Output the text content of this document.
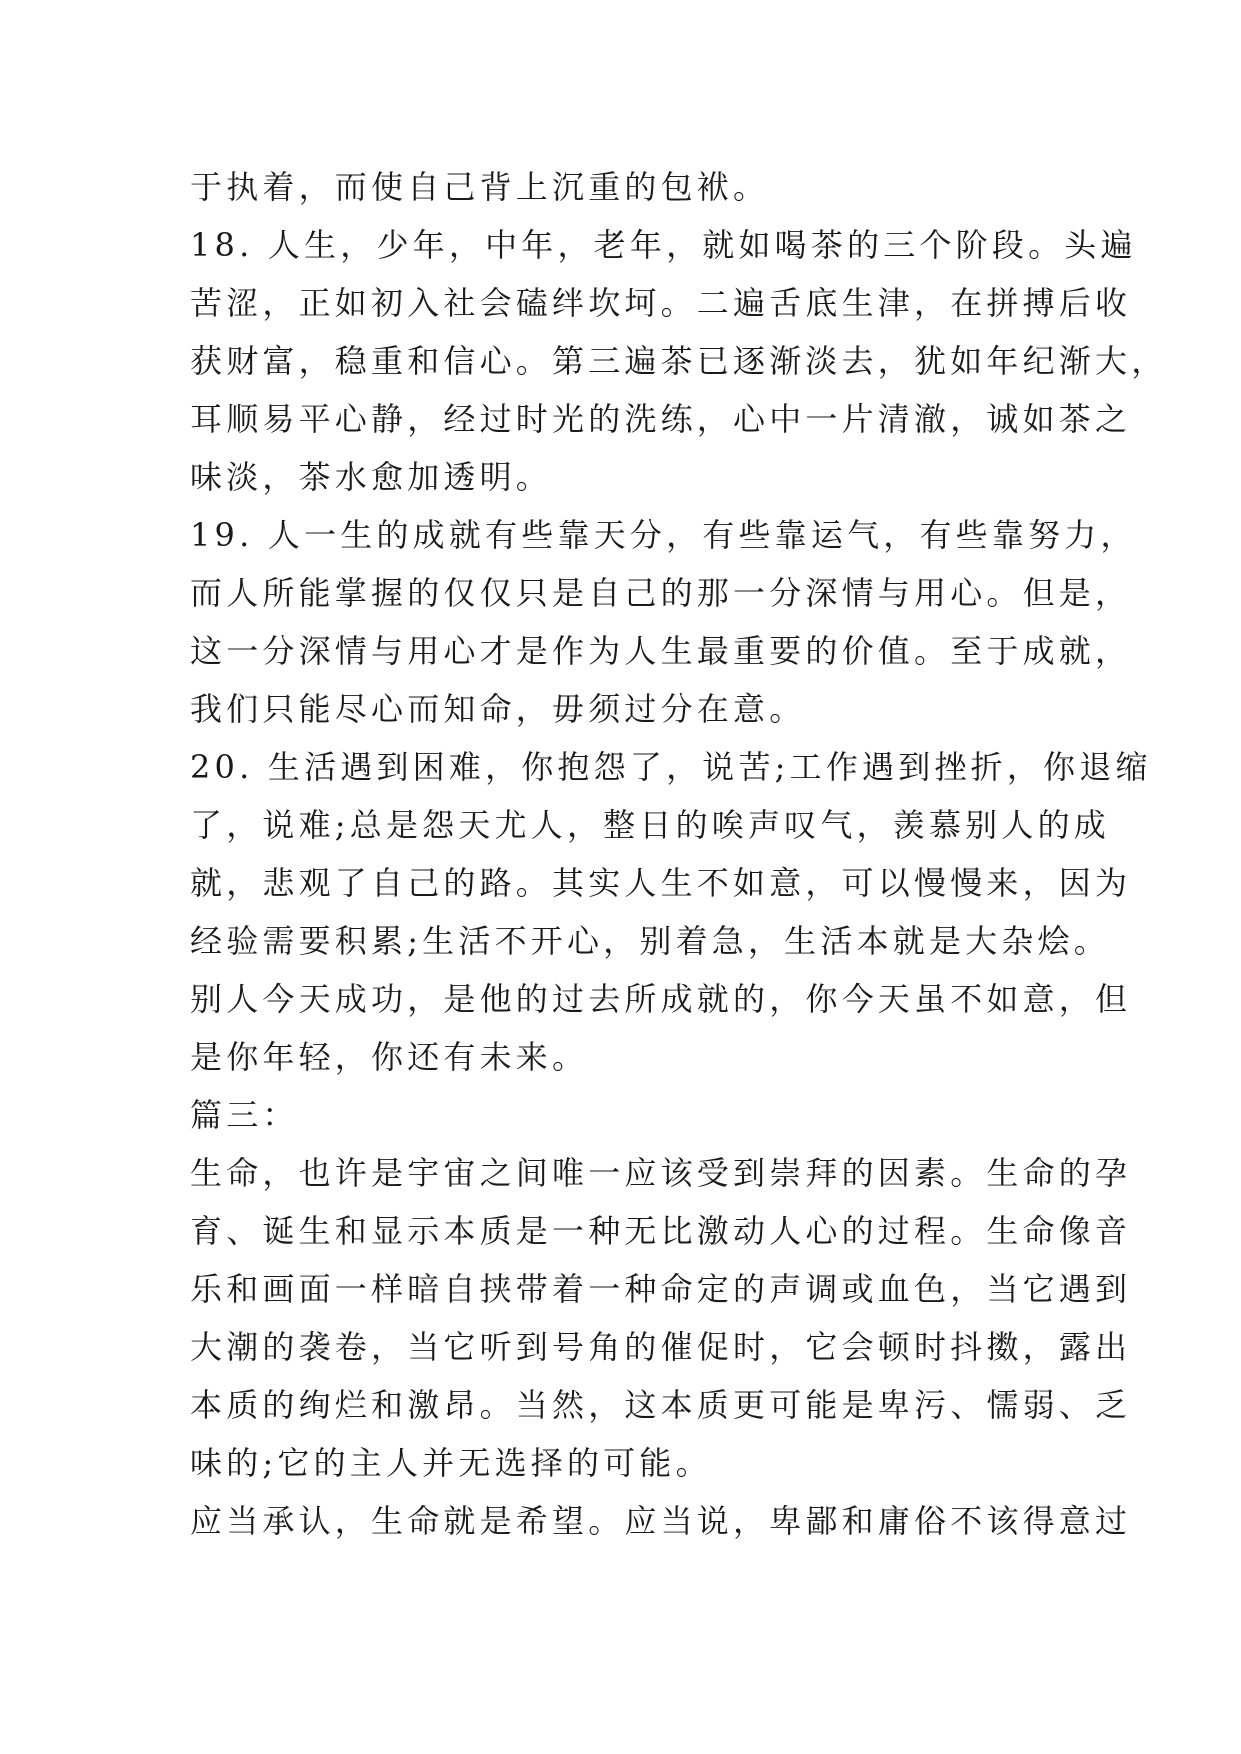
于执着，而使自己背上沉重的包袱。
18. 人生，少年，中年，老年，就如喝茶的三个阶段。头遍
苦涩，正如初入社会磕绊坎坷。二遍舌底生津，在拼搏后收
获财富，稳重和信心。第三遍茶已逐渐淡去，犹如年纪渐大，
耳顺易平心静，经过时光的洗练，心中一片清澈，诚如茶之
味淡，茶水愈加透明。
19. 人一生的成就有些靠天分，有些靠运气，有些靠努力，
而人所能掌握的仅仅只是自己的那一分深情与用心。但是，
这一分深情与用心才是作为人生最重要的价值。至于成就，
我们只能尽心而知命，毋须过分在意。
20. 生活遇到困难，你抱怨了，说苦;工作遇到挫折，你退缩
了，说难;总是怨天尤人，整日的唉声叹气，羡慕别人的成
就，悲观了自己的路。其实人生不如意，可以慢慢来，因为
经验需要积累;生活不开心，别着急，生活本就是大杂烩。
别人今天成功，是他的过去所成就的，你今天虽不如意，但
是你年轻，你还有未来。
篇三：
生命，也许是宇宙之间唯一应该受到崇拜的因素。生命的孕
育、诞生和显示本质是一种无比激动人心的过程。生命像音
乐和画面一样暗自挟带着一种命定的声调或血色，当它遇到
大潮的袭卷，当它听到号角的催促时，它会顿时抖擞，露出
本质的绚烂和激昂。当然，这本质更可能是卑污、懦弱、乏
味的;它的主人并无选择的可能。
应当承认，生命就是希望。应当说，卑鄙和庸俗不该得意过
